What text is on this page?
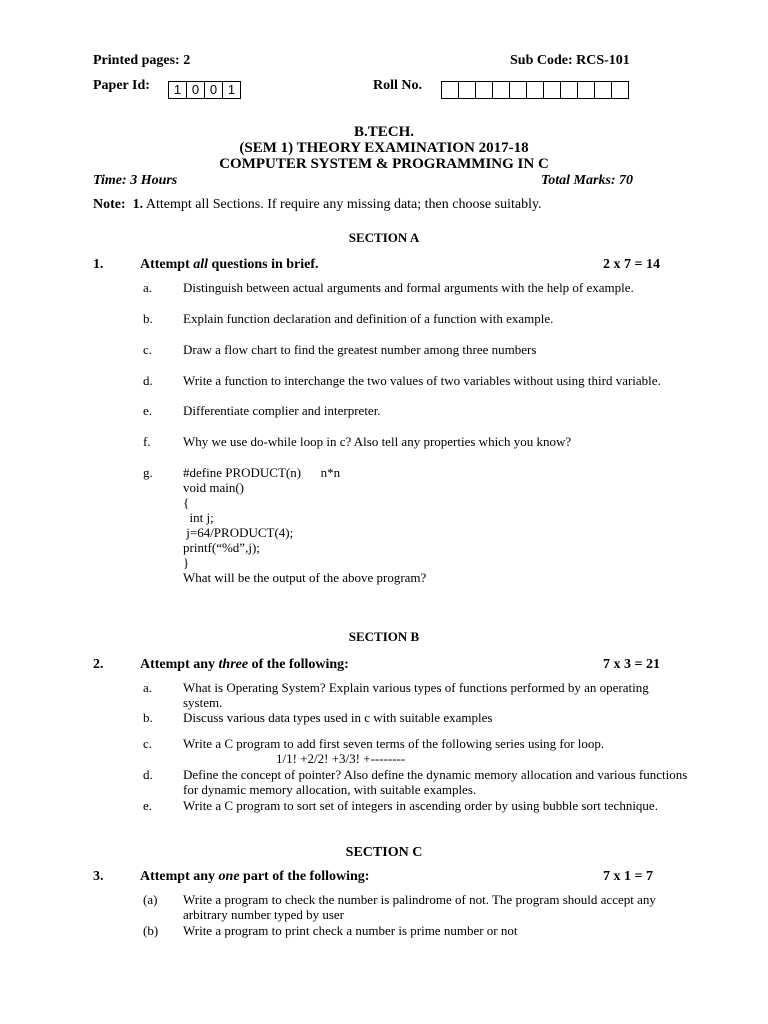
Printed pages: 2	Sub Code: RCS-101
Paper Id:	1 0 0 1	Roll No.
B.TECH.
(SEM 1) THEORY EXAMINATION 2017-18
COMPUTER SYSTEM & PROGRAMMING IN C
Time: 3 Hours	Total Marks: 70
Note: 1. Attempt all Sections. If require any missing data; then choose suitably.
SECTION A
1.	Attempt all questions in brief.	2 x 7 = 14
a. Distinguish between actual arguments and formal arguments with the help of example.
b. Explain function declaration and definition of a function with example.
c. Draw a flow chart to find the greatest number among three numbers
d. Write a function to interchange the two values of two variables without using third variable.
e. Differentiate complier and interpreter.
f. Why we use do-while loop in c? Also tell any properties which you know?
g. #define PRODUCT(n)      n*n
void main()
{
int j;
j=64/PRODUCT(4);
printf(“%d”,j);
}
What will be the output of the above program?
SECTION B
2.	Attempt any three of the following:	7 x 3 = 21
a. What is Operating System? Explain various types of functions performed by an operating system.
b. Discuss various data types used in c with suitable examples
c. Write a C program to add first seven terms of the following series using for loop.
1/1! +2/2! +3/3! +--------
d. Define the concept of pointer? Also define the dynamic memory allocation and various functions for dynamic memory allocation, with suitable examples.
e. Write a C program to sort set of integers in ascending order by using bubble sort technique.
SECTION C
3.	Attempt any one part of the following:	7 x 1 = 7
(a) Write a program to check the number is palindrome of not. The program should accept any arbitrary number typed by user
(b) Write a program to print check a number is prime number or not
